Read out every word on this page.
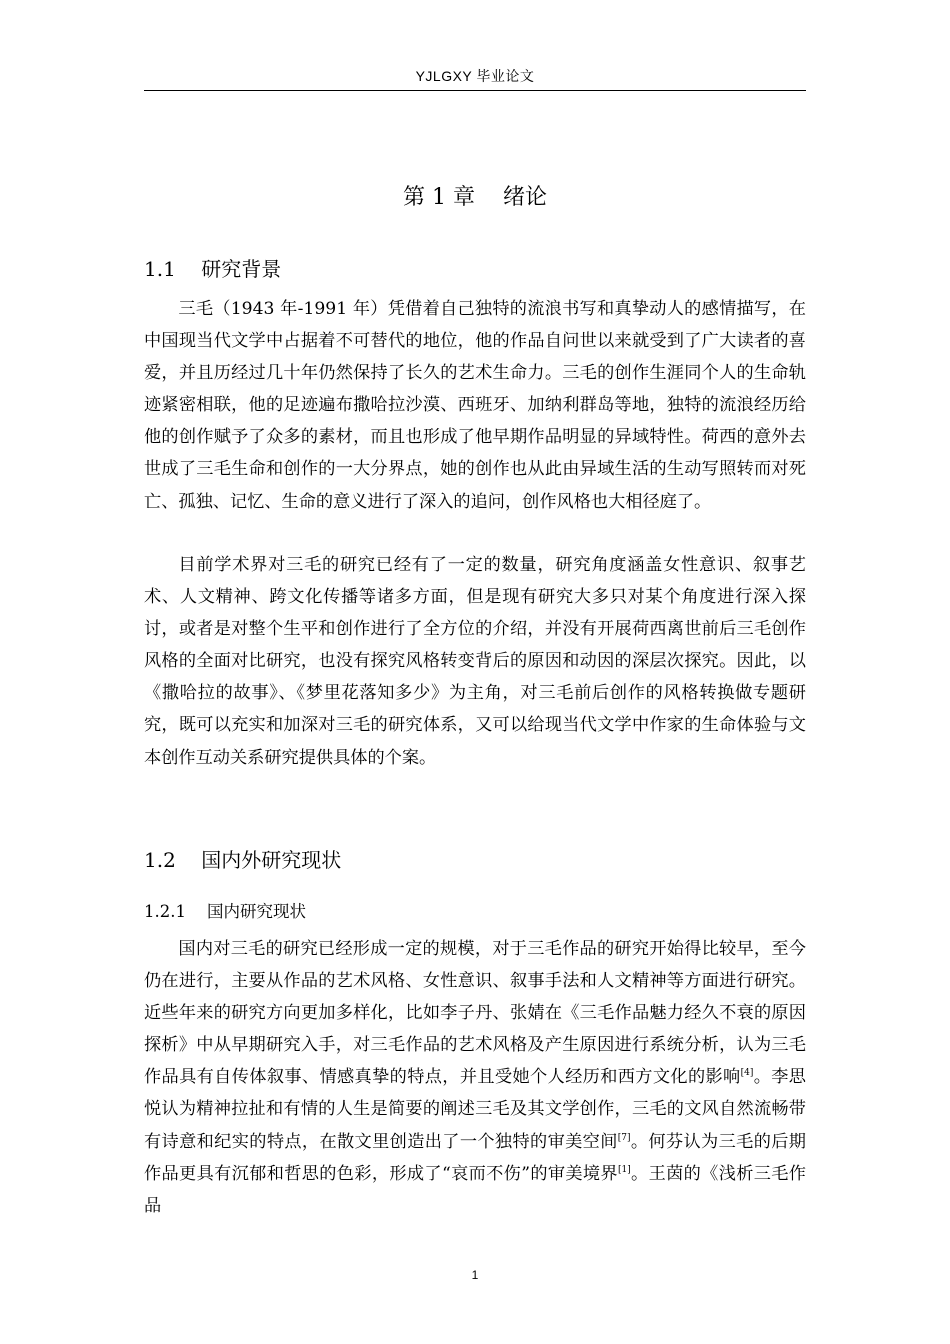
YJLGXY 毕业论文
第 1 章    绪论
1.1    研究背景

三毛（1943 年-1991 年）凭借着自己独特的流浪书写和真挚动人的感情描写，在中国现当代文学中占据着不可替代的地位，他的作品自问世以来就受到了广大读者的喜爱，并且历经过几十年仍然保持了长久的艺术生命力。三毛的创作生涯同个人的生命轨迹紧密相联，他的足迹遍布撒哈拉沙漠、西班牙、加纳利群岛等地，独特的流浪经历给他的创作赋予了众多的素材，而且也形成了他早期作品明显的异域特性。荷西的意外去世成了三毛生命和创作的一大分界点，她的创作也从此由异域生活的生动写照转而对死亡、孤独、记忆、生命的意义进行了深入的追问，创作风格也大相径庭了。

目前学术界对三毛的研究已经有了一定的数量，研究角度涵盖女性意识、叙事艺术、人文精神、跨文化传播等诸多方面，但是现有研究大多只对某个角度进行深入探讨，或者是对整个生平和创作进行了全方位的介绍，并没有开展荷西离世前后三毛创作风格的全面对比研究，也没有探究风格转变背后的原因和动因的深层次探究。因此，以《撒哈拉的故事》、《梦里花落知多少》为主角，对三毛前后创作的风格转换做专题研究，既可以充实和加深对三毛的研究体系，又可以给现当代文学中作家的生命体验与文本创作互动关系研究提供具体的个案。

1.2    国内外研究现状
1.2.1    国内研究现状

国内对三毛的研究已经形成一定的规模，对于三毛作品的研究开始得比较早，至今仍在进行，主要从作品的艺术风格、女性意识、叙事手法和人文精神等方面进行研究。近些年来的研究方向更加多样化，比如李子丹、张婧在《三毛作品魅力经久不衰的原因探析》中从早期研究入手，对三毛作品的艺术风格及产生原因进行系统分析，认为三毛作品具有自传体叙事、情感真挚的特点，并且受她个人经历和西方文化的影响[4]。李思悦认为精神拉扯和有情的人生是简要的阐述三毛及其文学创作，三毛的文风自然流畅带有诗意和纪实的特点，在散文里创造出了一个独特的审美空间[7]。何芬认为三毛的后期作品更具有沉郁和哲思的色彩，形成了“哀而不伤”的审美境界[1]。王茵的《浅析三毛作品

1
